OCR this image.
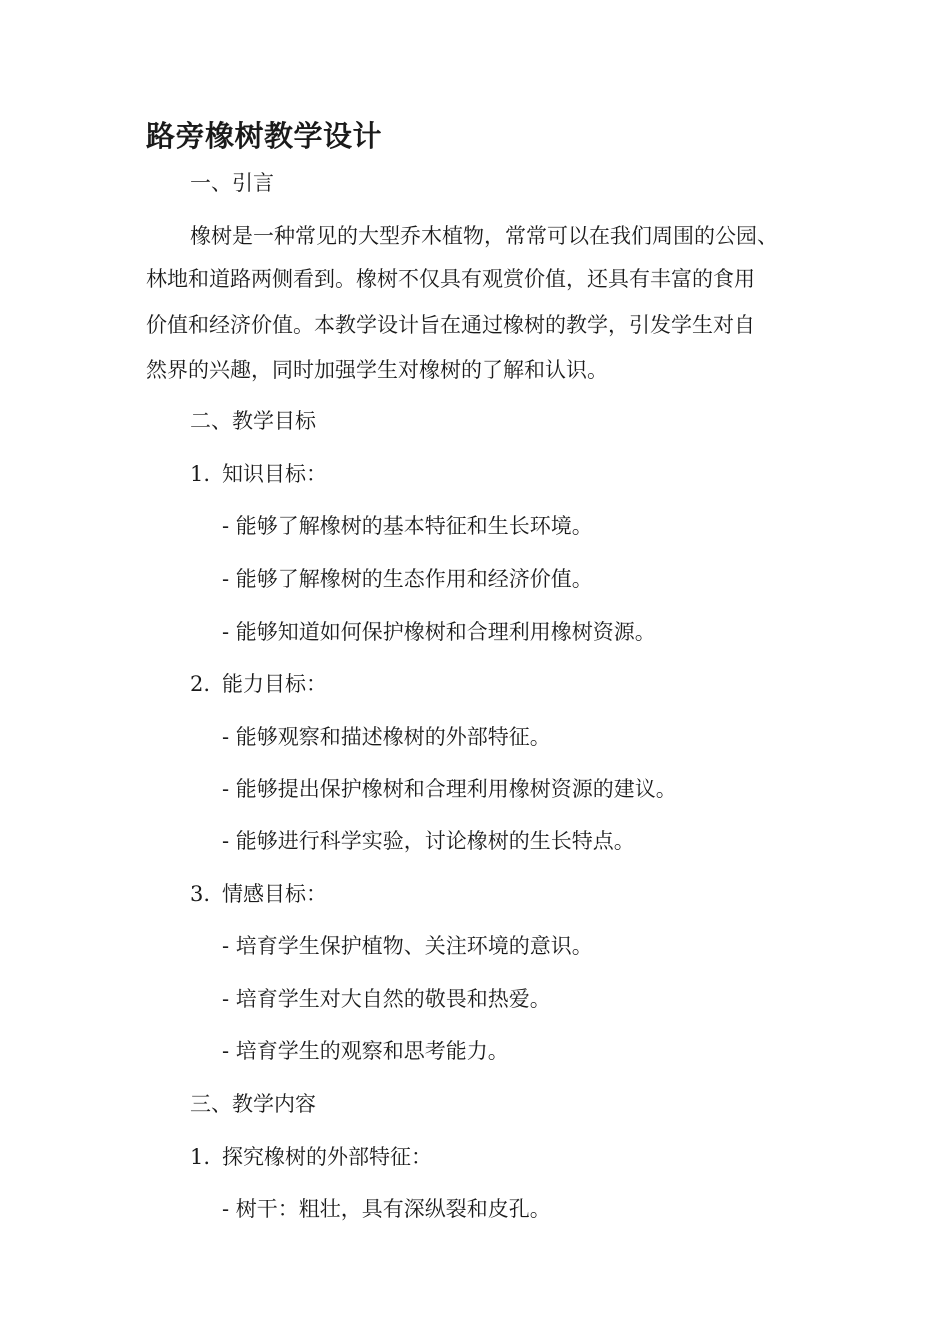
路旁橡树教学设计
一、引言
橡树是一种常见的大型乔木植物，常常可以在我们周围的公园、
林地和道路两侧看到。橡树不仅具有观赏价值，还具有丰富的食用
价值和经济价值。本教学设计旨在通过橡树的教学，引发学生对自
然界的兴趣，同时加强学生对橡树的了解和认识。
二、教学目标
1. 知识目标：
- 能够了解橡树的基本特征和生长环境。
- 能够了解橡树的生态作用和经济价值。
- 能够知道如何保护橡树和合理利用橡树资源。
2. 能力目标：
- 能够观察和描述橡树的外部特征。
- 能够提出保护橡树和合理利用橡树资源的建议。
- 能够进行科学实验，讨论橡树的生长特点。
3. 情感目标：
- 培育学生保护植物、关注环境的意识。
- 培育学生对大自然的敬畏和热爱。
- 培育学生的观察和思考能力。
三、教学内容
1. 探究橡树的外部特征：
- 树干：粗壮，具有深纵裂和皮孔。
